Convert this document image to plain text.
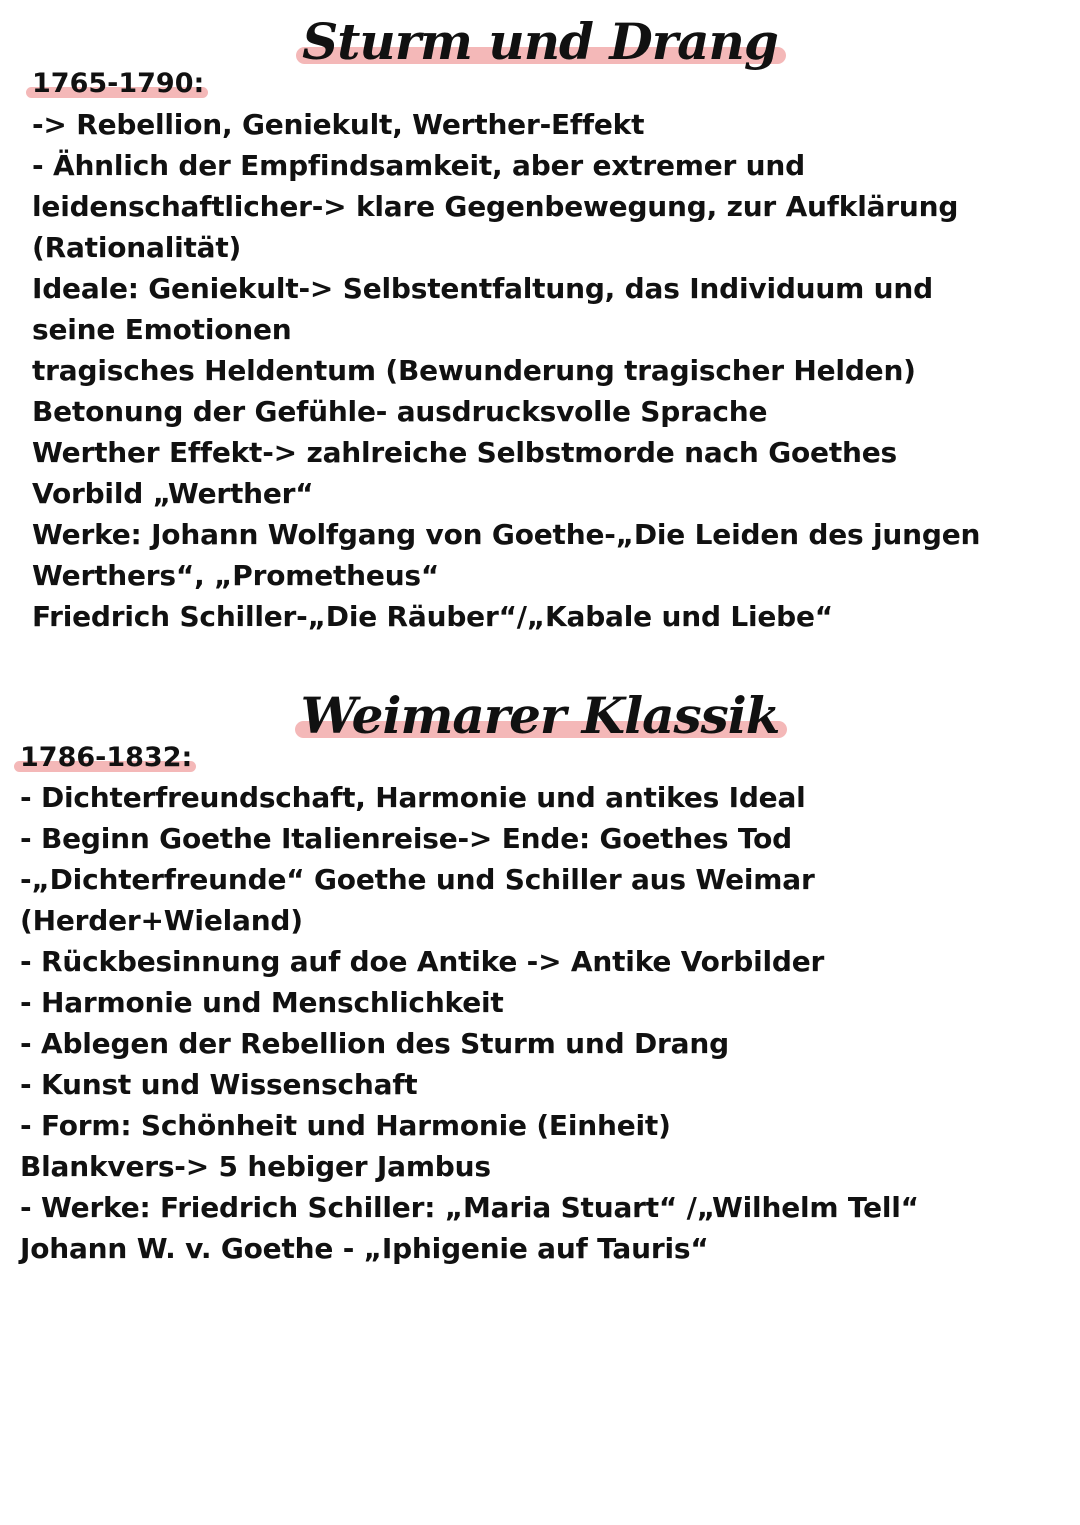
Sturm und Drang
1765-1790:
-> Rebellion, Geniekult, Werther-Effekt
- Ähnlich der Empfindsamkeit, aber extremer und
leidenschaftlicher-> klare Gegenbewegung, zur Aufklärung
(Rationalität)
Ideale: Geniekult-> Selbstentfaltung, das Individuum und
seine Emotionen
tragisches Heldentum (Bewunderung tragischer Helden)
Betonung der Gefühle- ausdrucksvolle Sprache
Werther Effekt-> zahlreiche Selbstmorde nach Goethes
Vorbild „Werther“
Werke: Johann Wolfgang von Goethe-„Die Leiden des jungen
Werthers“, „Prometheus“
Friedrich Schiller-„Die Räuber“/„Kabale und Liebe“
Weimarer Klassik
1786-1832:
- Dichterfreundschaft, Harmonie und antikes Ideal
- Beginn Goethe Italienreise-> Ende: Goethes Tod
-„Dichterfreunde“ Goethe und Schiller aus Weimar
(Herder+Wieland)
- Rückbesinnung auf doe Antike -> Antike Vorbilder
- Harmonie und Menschlichkeit
- Ablegen der Rebellion des Sturm und Drang
- Kunst und Wissenschaft
- Form: Schönheit und Harmonie (Einheit)
Blankvers-> 5 hebiger Jambus
- Werke: Friedrich Schiller: „Maria Stuart“ /„Wilhelm Tell“
Johann W. v. Goethe - „Iphigenie auf Tauris“
